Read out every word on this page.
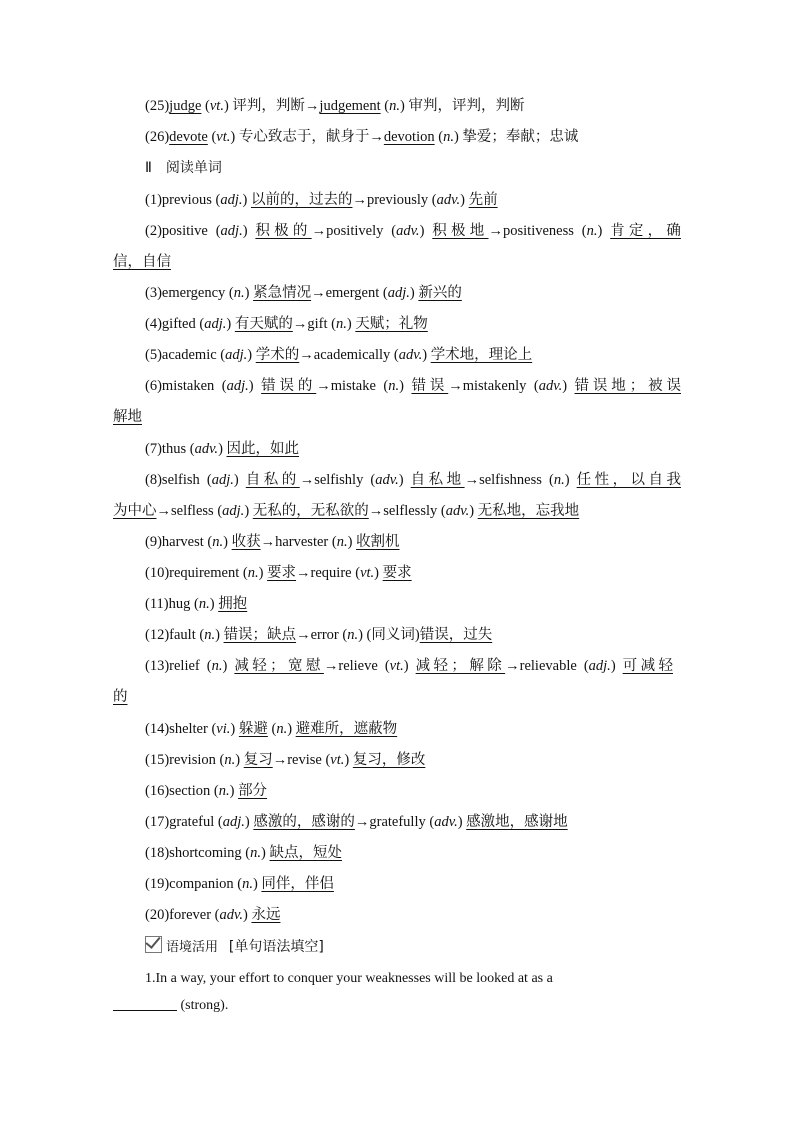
(25)judge (vt.) 评判，判断→judgement (n.) 审判，评判，判断
(26)devote (vt.) 专心致志于，献身于→devotion (n.) 挚爱；奉献；忠诚
Ⅱ　阅读单词
(1)previous (adj.) 以前的，过去的→previously (adv.) 先前
(2)positive (adj.) 积极的→positively (adv.) 积极地→positiveness (n.) 肯定，确
信，自信
(3)emergency (n.) 紧急情况→emergent (adj.) 新兴的
(4)gifted (adj.) 有天赋的→gift (n.) 天赋；礼物
(5)academic (adj.) 学术的→academically (adv.) 学术地，理论上
(6)mistaken (adj.) 错误的→mistake (n.) 错误→mistakenly (adv.) 错误地；被误
解地
(7)thus (adv.) 因此，如此
(8)selfish (adj.) 自私的→selfishly (adv.) 自私地→selfishness (n.) 任性，以自我
为中心→selfless (adj.) 无私的，无私欲的→selflessly (adv.) 无私地，忘我地
(9)harvest (n.) 收获→harvester (n.) 收割机
(10)requirement (n.) 要求→require (vt.) 要求
(11)hug (n.) 拥抱
(12)fault (n.) 错误；缺点→error (n.) (同义词)错误，过失
(13)relief (n.) 减轻；宽慰→relieve (vt.) 减轻；解除→relievable (adj.) 可减轻
的
(14)shelter (vi.) 躲避 (n.) 避难所，遮蔽物
(15)revision (n.) 复习→revise (vt.) 复习，修改
(16)section (n.) 部分
(17)grateful (adj.) 感激的，感谢的→gratefully (adv.) 感激地，感谢地
(18)shortcoming (n.) 缺点，短处
(19)companion (n.) 同伴，伴侣
(20)forever (adv.) 永远
语境活用 [单句语法填空]
1.In a way, your effort to conquer your weaknesses will be looked at as a
(strong).
